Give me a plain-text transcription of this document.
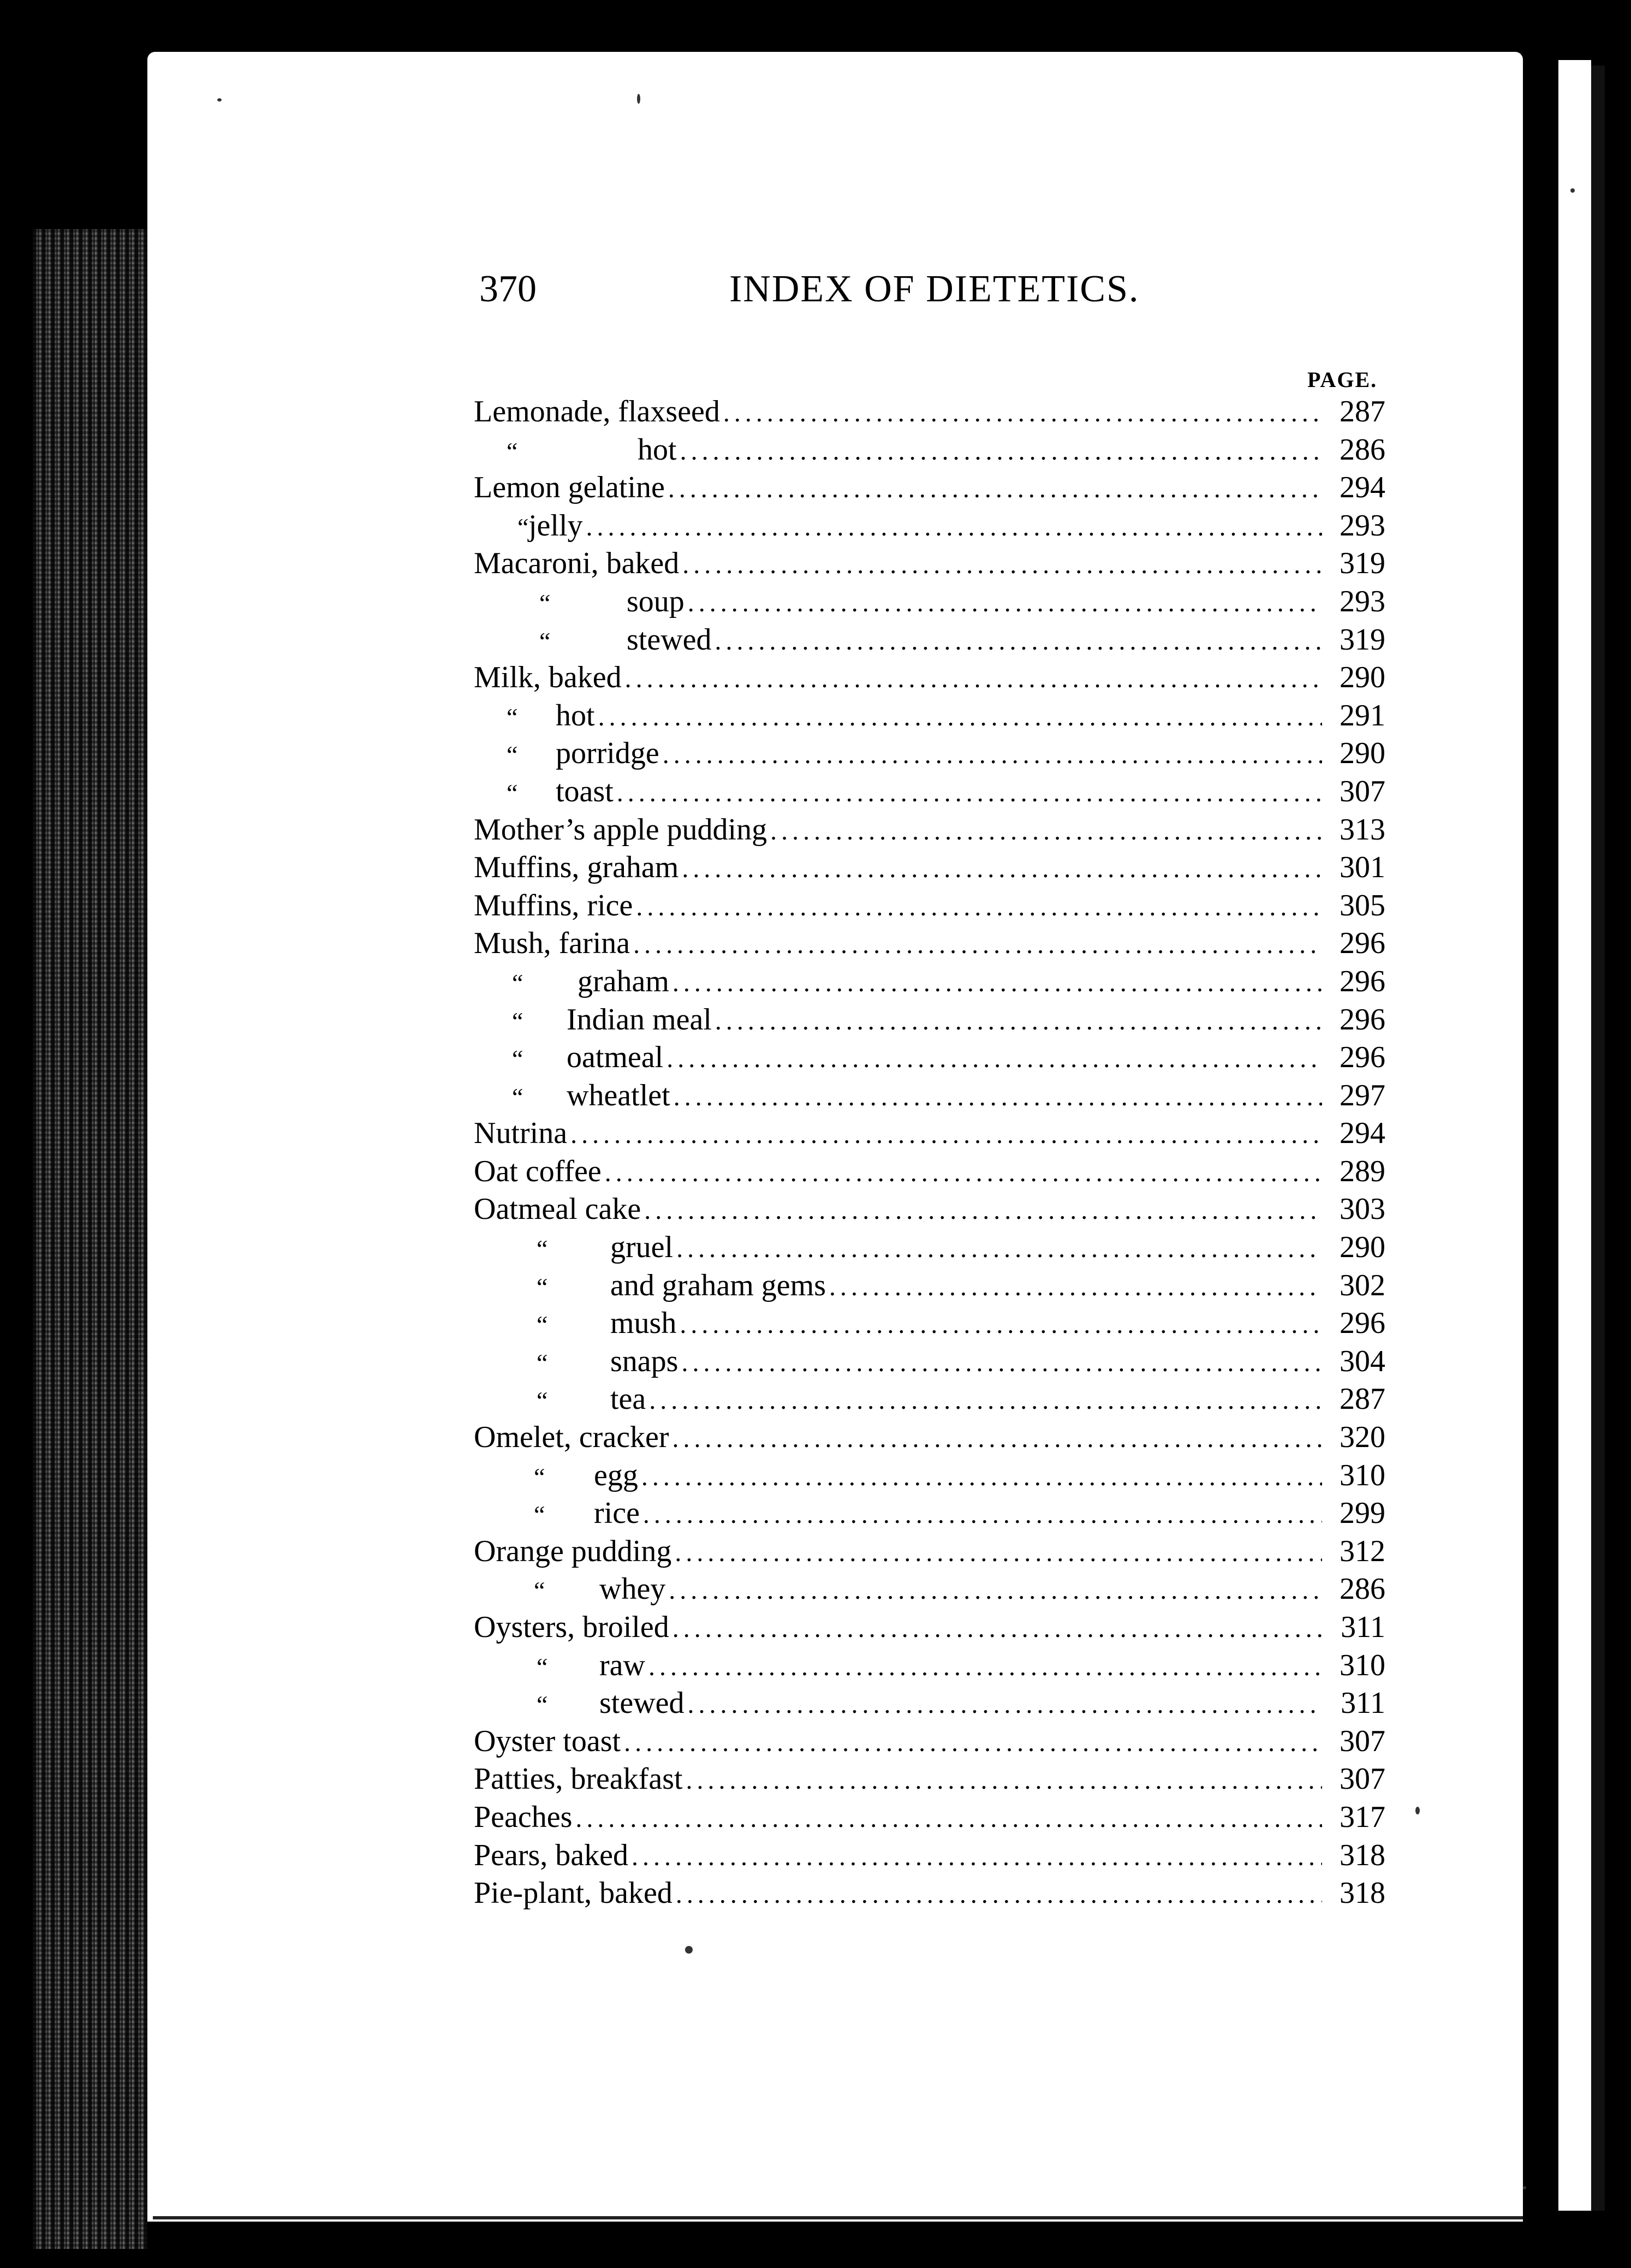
370	INDEX OF DIETETICS.
PAGE.
Lemonade, flaxseed .....	287
“	hot .....	286
Lemon gelatine .....	294
“ jelly .....	293
Macaroni, baked .....	319
“ soup .....	293
“ stewed .....	319
Milk, baked .....	290
“ hot .....	291
“ porridge .....	290
“ toast .....	307
Mother’s apple pudding .....	313
Muffins, graham .....	301
Muffins, rice .....	305
Mush, farina .....	296
“ graham .....	296
“ Indian meal .....	296
“ oatmeal .....	296
“ wheatlet .....	297
Nutrina .....	294
Oat coffee .....	289
Oatmeal cake .....	303
“ gruel .....	290
“ and graham gems .....	302
“ mush .....	296
“ snaps .....	304
“ tea .....	287
Omelet, cracker .....	320
“ egg .....	310
“ rice .....	299
Orange pudding .....	312
“ whey .....	286
Oysters, broiled .....	311
“ raw .....	310
“ stewed .....	311
Oyster toast .....	307
Patties, breakfast .....	307
Peaches .....	317
Pears, baked .....	318
Pie-plant, baked .....	318
